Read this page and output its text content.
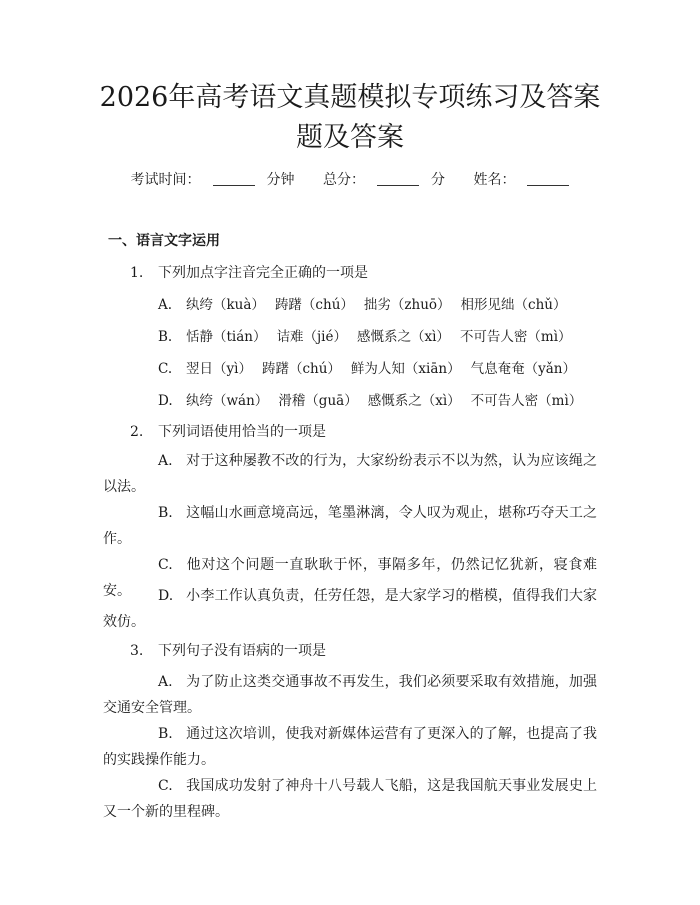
2026年高考语文真题模拟专项练习及答案题及答案
考试时间：	分钟 总分：	分 姓名：
一、语言文字运用
1. 下列加点字注音完全正确的一项是
A. 纨绔（kuà） 踌躇（chú） 拙劣（zhuō） 相形见绌（chǔ）
B. 恬静（tián） 诘难（jié） 感慨系之（xì） 不可告人密（mì）
C. 翌日（yì） 踌躇（chú） 鲜为人知（xiān） 气息奄奄（yǎn）
D. 纨绔（wán） 滑稽（guā） 感慨系之（xì） 不可告人密（mì）
2. 下列词语使用恰当的一项是
A. 对于这种屡教不改的行为，大家纷纷表示不以为然，认为应该绳之以法。
B. 这幅山水画意境高远，笔墨淋漓，令人叹为观止，堪称巧夺天工之作。
C. 他对这个问题一直耿耿于怀，事隔多年，仍然记忆犹新，寝食难安。	D. 小李工作认真负责，任劳任怨，是大家学习的楷模，值得我们大家效仿。
3. 下列句子没有语病的一项是
A. 为了防止这类交通事故不再发生，我们必须要采取有效措施，加强交通安全管理。
B. 通过这次培训，使我对新媒体运营有了更深入的了解，也提高了我的实践操作能力。
C. 我国成功发射了神舟十八号载人飞船，这是我国航天事业发展史上又一个新的里程碑。
